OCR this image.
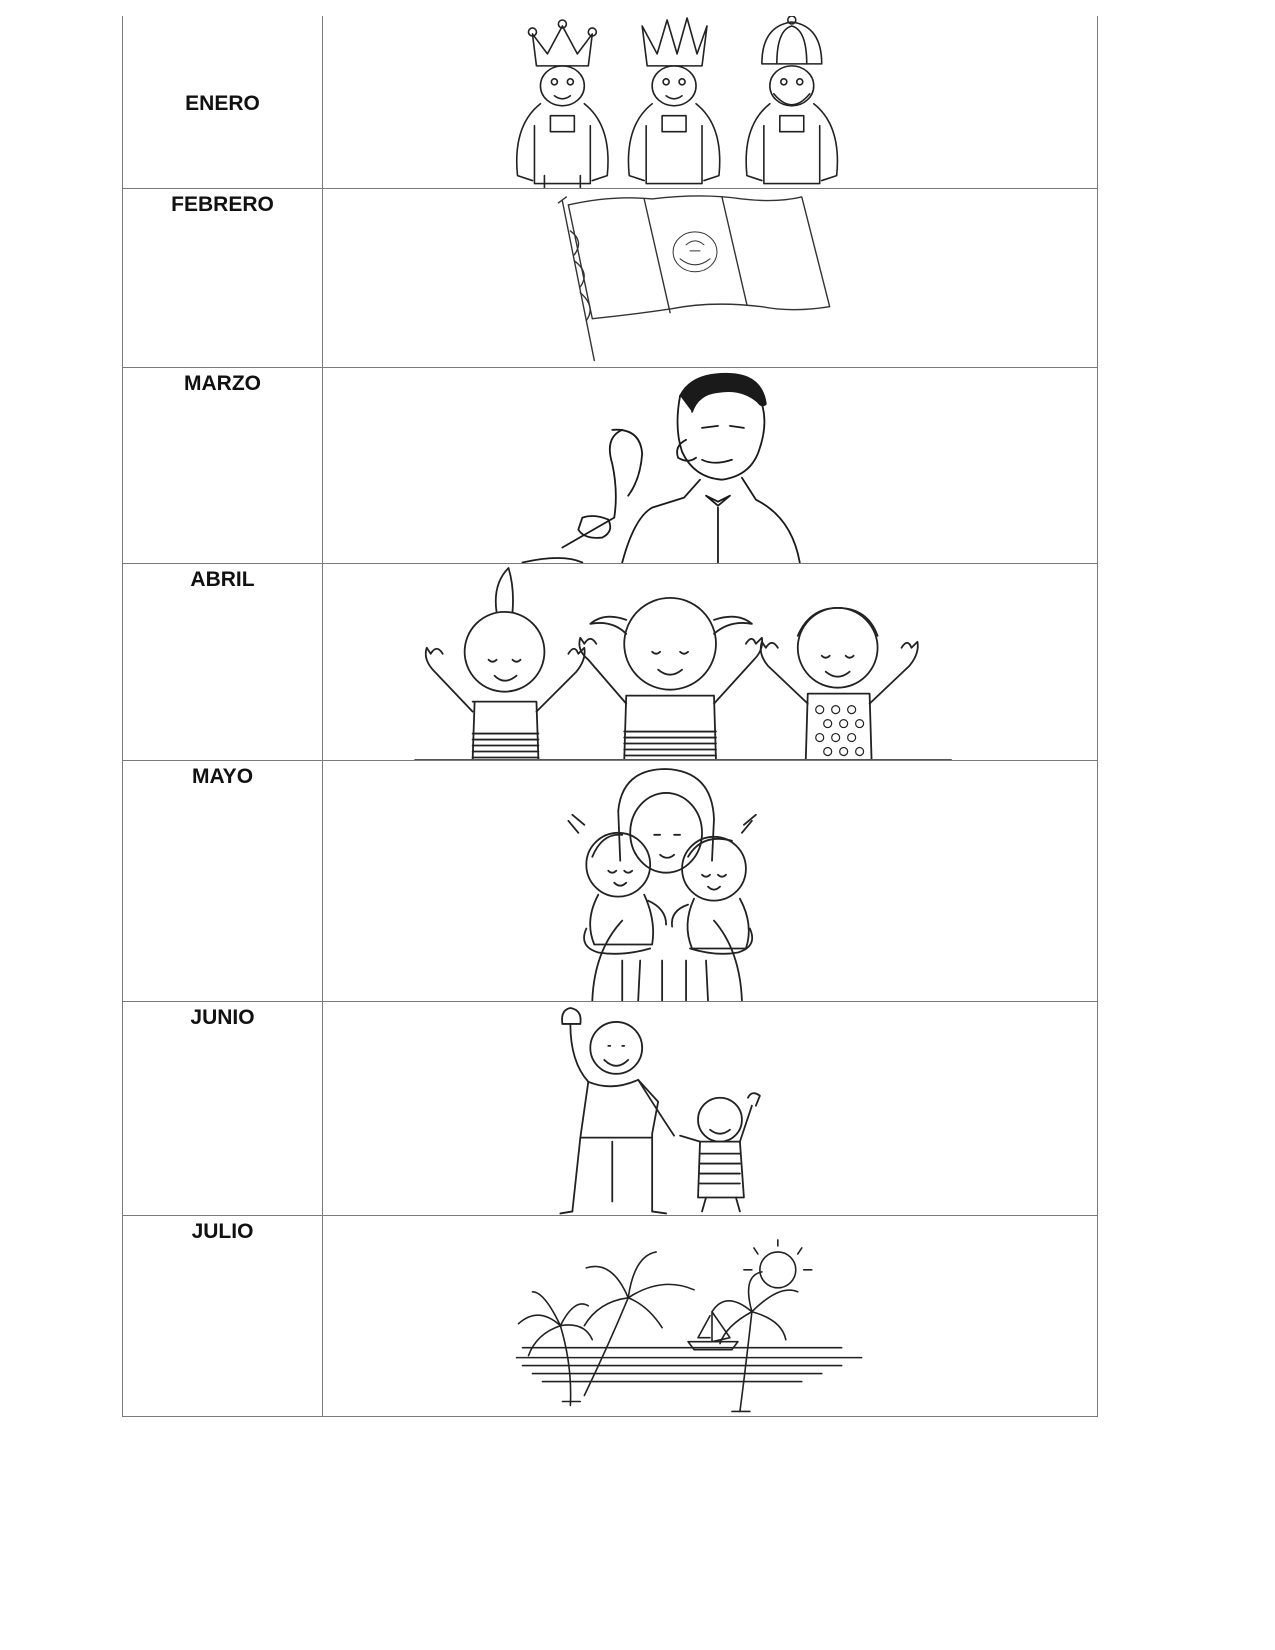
ENERO	

FEBRERO	

MARZO	

ABRIL	

MAYO	

JUNIO	

JULIO	
